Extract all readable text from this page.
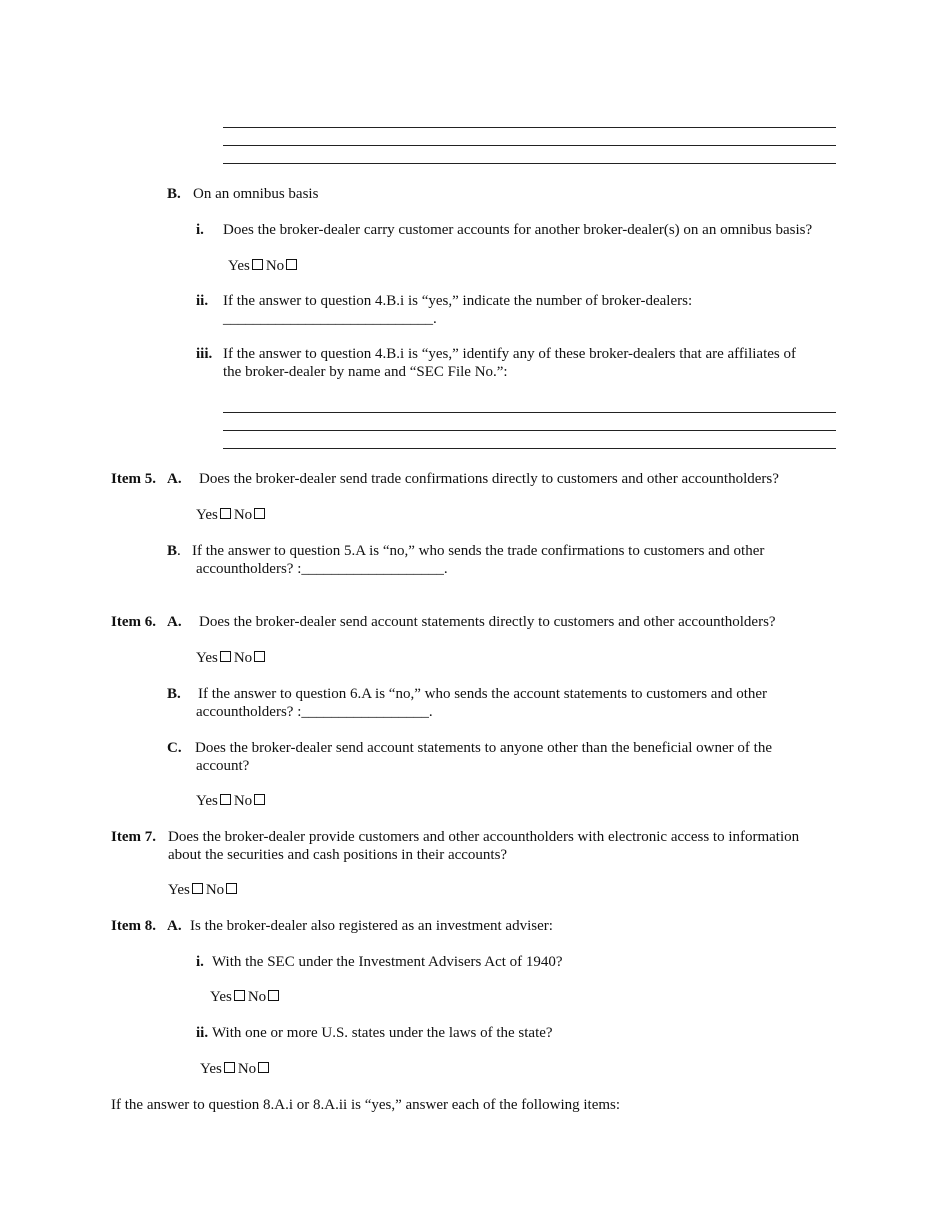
B. On an omnibus basis
i. Does the broker-dealer carry customer accounts for another broker-dealer(s) on an omnibus basis?
Yes No
ii. If the answer to question 4.B.i is “yes,” indicate the number of broker-dealers:
____________________________.
iii. If the answer to question 4.B.i is “yes,” identify any of these broker-dealers that are affiliates of
the broker-dealer by name and “SEC File No.”:
Item 5. A. Does the broker-dealer send trade confirmations directly to customers and other accountholders?
Yes No
B.   If the answer to question 5.A is “no,” who sends the trade confirmations to customers and other
accountholders? :___________________.
Item 6. A. Does the broker-dealer send account statements directly to customers and other accountholders?
Yes No
B. If the answer to question 6.A is “no,” who sends the account statements to customers and other
accountholders? :_________________.
C. Does the broker-dealer send account statements to anyone other than the beneficial owner of the
account?
Yes No
Item 7. Does the broker-dealer provide customers and other accountholders with electronic access to information
about the securities and cash positions in their accounts?
Yes No
Item 8. A. Is the broker-dealer also registered as an investment adviser:
i. With the SEC under the Investment Advisers Act of 1940?
Yes No
ii. With one or more U.S. states under the laws of the state?
Yes No
If the answer to question 8.A.i or 8.A.ii is “yes,” answer each of the following items:
